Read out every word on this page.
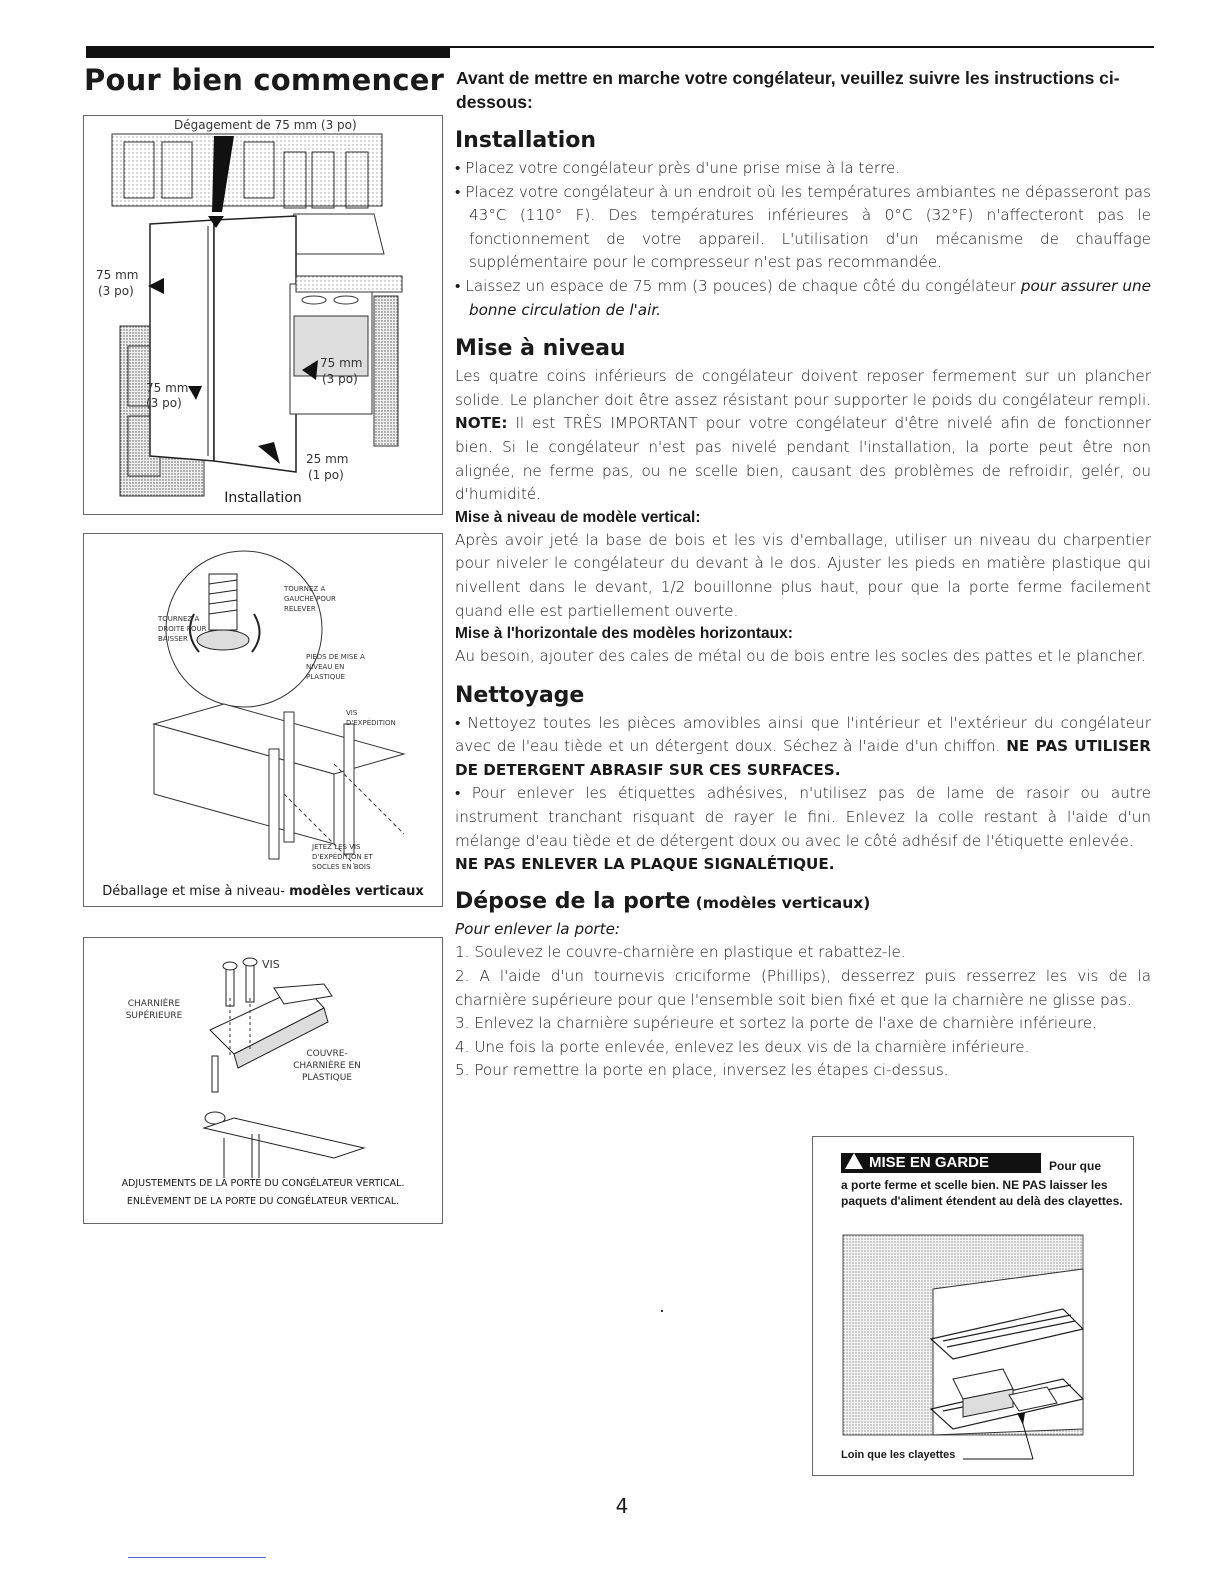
Pour bien commencer Avant de mettre en marche votre congélateur, veuillez suivre les instructions ci-dessous:

Dégagement de 75 mm (3 po)
75 mm
(3 po)
75 mm
(3 po)
75 mm
(3 po)
25 mm
(1 po)
Installation
TOURNEZ A GAUCHE POUR RELEVER
TOURNEZ A DROITE POUR BAISSER
PIEDS DE MISE A NIVEAU EN PLASTIQUE
VIS D'EXPÉDITION
JETEZ LES VIS D'EXPÉDITION ET SOCLES EN BOIS
Déballage et mise à niveau- modèles verticaux
VIS
CHARNIÈRE SUPÉRIEURE
COUVRE-CHARNIÈRE EN PLASTIQUE
ADJUSTEMENTS DE LA PORTE DU CONGÉLATEUR VERTICAL.
ENLÈVEMENT DE LA PORTE DU CONGÉLATEUR VERTICAL.
Installation

• Placez votre congélateur près d'une prise mise à la terre.

• Placez votre congélateur à un endroit où les températures ambiantes ne dépasseront pas 43°C (110° F). Des températures inférieures à 0°C (32°F) n'affecteront pas le fonctionnement de votre appareil. L'utilisation d'un mécanisme de chauffage supplémentaire pour le compresseur n'est pas recommandée.

• Laissez un espace de 75 mm (3 pouces) de chaque côté du congélateur pour assurer une bonne circulation de l'air.

Mise à niveau

Les quatre coins inférieurs de congélateur doivent reposer fermement sur un plancher solide. Le plancher doit être assez résistant pour supporter le poids du congélateur rempli. NOTE: Il est TRÈS IMPORTANT pour votre congélateur d'être nivelé afin de fonctionner bien. Si le congélateur n'est pas nivelé pendant l'installation, la porte peut être non alignée, ne ferme pas, ou ne scelle bien, causant des problèmes de refroidir, gelér, ou d'humidité.

Mise à niveau de modèle vertical:

Après avoir jeté la base de bois et les vis d'emballage, utiliser un niveau du charpentier pour niveler le congélateur du devant à le dos. Ajuster les pieds en matière plastique qui nivellent dans le devant, 1/2 bouillonne plus haut, pour que la porte ferme facilement quand elle est partiellement ouverte.

Mise à l'horizontale des modèles horizontaux:

Au besoin, ajouter des cales de métal ou de bois entre les socles des pattes et le plancher.

Nettoyage

• Nettoyez toutes les pièces amovibles ainsi que l'intérieur et l'extérieur du congélateur avec de l'eau tiède et un détergent doux. Séchez à l'aide d'un chiffon. NE PAS UTILISER DE DETERGENT ABRASIF SUR CES SURFACES.

• Pour enlever les étiquettes adhésives, n'utilisez pas de lame de rasoir ou autre instrument tranchant risquant de rayer le fini. Enlevez la colle restant à l'aide d'un mélange d'eau tiède et de détergent doux ou avec le côté adhésif de l'étiquette enlevée.

NE PAS ENLEVER LA PLAQUE SIGNALÉTIQUE.

Dépose de la porte (modèles verticaux)

Pour enlever la porte:

1. Soulevez le couvre-charnière en plastique et rabattez-le.

2. A l'aide d'un tournevis criciforme (Phillips), desserrez puis resserrez les vis de la charnière supérieure pour que l'ensemble soit bien fixé et que la charnière ne glisse pas.

3. Enlevez la charnière supérieure et sortez la porte de l'axe de charnière inférieure.

4. Une fois la porte enlevée, enlevez les deux vis de la charnière inférieure.

5. Pour remettre la porte en place, inversez les étapes ci-dessus.

MISE EN GARDE	Pour que
a porte ferme et scelle bien. NE PAS laisser les paquets d'aliment étendent au delà des clayettes.
Loin que les clayettes
4
